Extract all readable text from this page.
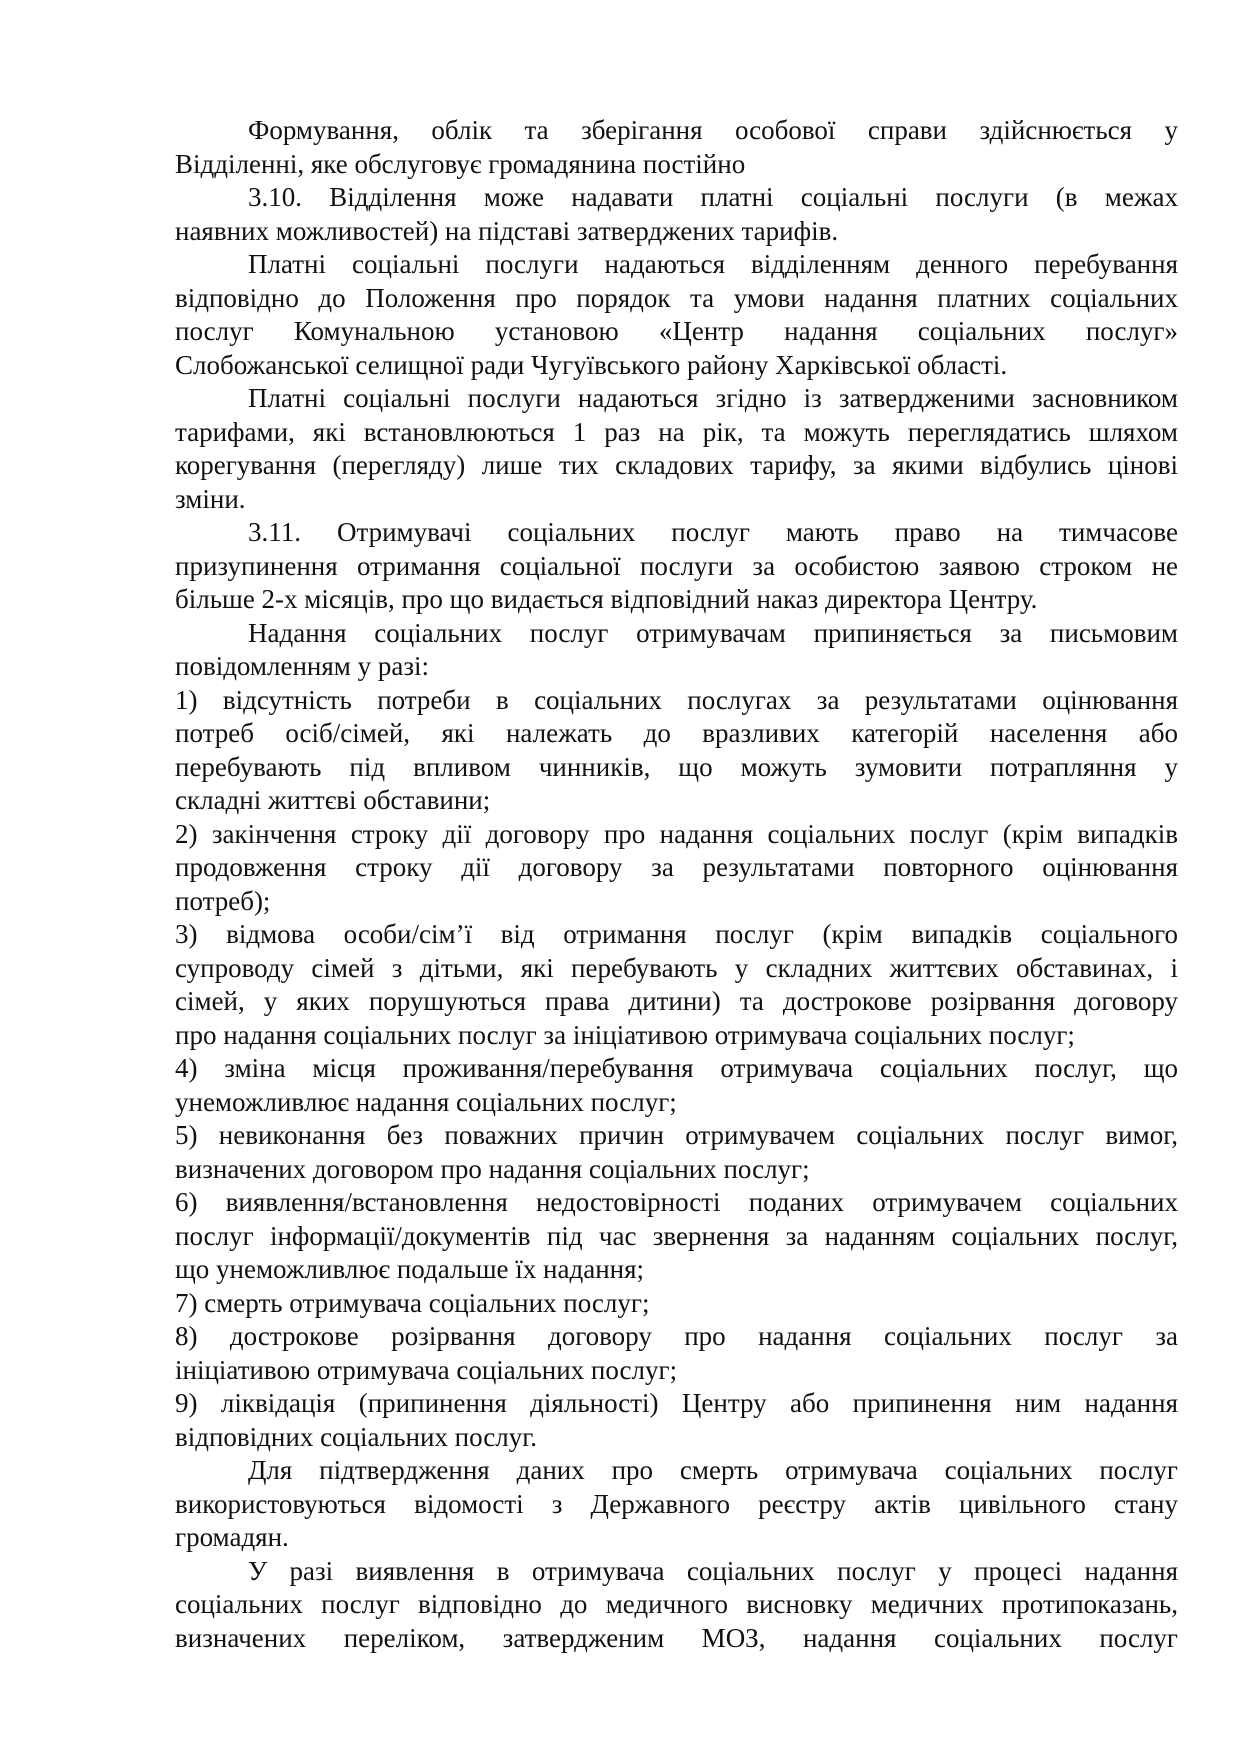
Формування, облік та зберігання особової справи здійснюється у
Відділенні, яке обслуговує громадянина постійно
3.10. Відділення може надавати платні соціальні послуги (в межах
наявних можливостей) на підставі затверджених тарифів.
Платні соціальні послуги надаються відділенням денного перебування
відповідно до Положення про порядок та умови надання платних соціальних
послуг Комунальною установою «Центр надання соціальних послуг»
Слобожанської селищної ради Чугуївського району Харківської області.
Платні соціальні послуги надаються згідно із затвердженими засновником
тарифами, які встановлюються 1 раз на рік, та можуть переглядатись шляхом
корегування (перегляду) лише тих складових тарифу, за якими відбулись цінові
зміни.
3.11. Отримувачі соціальних послуг мають право на тимчасове
призупинення отримання соціальної послуги за особистою заявою строком не
більше 2-х місяців, про що видається відповідний наказ директора Центру.
Надання соціальних послуг отримувачам припиняється за письмовим
повідомленням у разі:
1) відсутність потреби в соціальних послугах за результатами оцінювання
потреб осіб/сімей, які належать до вразливих категорій населення або
перебувають під впливом чинників, що можуть зумовити потрапляння у
складні життєві обставини;
2) закінчення строку дії договору про надання соціальних послуг (крім випадків
продовження строку дії договору за результатами повторного оцінювання
потреб);
3) відмова особи/сім’ї від отримання послуг (крім випадків соціального
супроводу сімей з дітьми, які перебувають у складних життєвих обставинах, і
сімей, у яких порушуються права дитини) та дострокове розірвання договору
про надання соціальних послуг за ініціативою отримувача соціальних послуг;
4) зміна місця проживання/перебування отримувача соціальних послуг, що
унеможливлює надання соціальних послуг;
5) невиконання без поважних причин отримувачем соціальних послуг вимог,
визначених договором про надання соціальних послуг;
6) виявлення/встановлення недостовірності поданих отримувачем соціальних
послуг інформації/документів під час звернення за наданням соціальних послуг,
що унеможливлює подальше їх надання;
7) смерть отримувача соціальних послуг;
8) дострокове розірвання договору про надання соціальних послуг за
ініціативою отримувача соціальних послуг;
9) ліквідація (припинення діяльності) Центру або припинення ним надання
відповідних соціальних послуг.
Для підтвердження даних про смерть отримувача соціальних послуг
використовуються відомості з Державного реєстру актів цивільного стану
громадян.
У разі виявлення в отримувача соціальних послуг у процесі надання
соціальних послуг відповідно до медичного висновку медичних протипоказань,
визначених переліком, затвердженим МОЗ, надання соціальних послуг
